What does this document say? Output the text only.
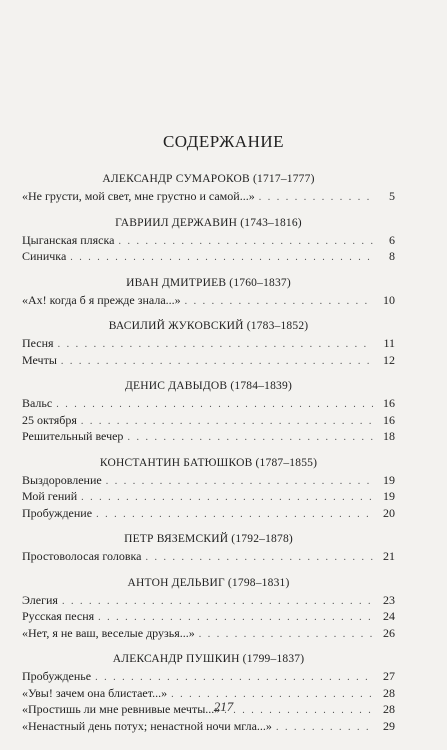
СОДЕРЖАНИЕ
АЛЕКСАНДР СУМАРОКОВ (1717–1777)
«Не грусти, мой свет, мне грустно и самой...» . . .	5
ГАВРИИЛ ДЕРЖАВИН (1743–1816)
Цыганская пляска . . .	6
Синичка . . .	8
ИВАН ДМИТРИЕВ (1760–1837)
«Ах! когда б я прежде знала...» . . .	10
ВАСИЛИЙ ЖУКОВСКИЙ (1783–1852)
Песня . . .	11
Мечты . . .	12
ДЕНИС ДАВЫДОВ (1784–1839)
Вальс . . .	16
25 октября . . .	16
Решительный вечер . . .	18
КОНСТАНТИН БАТЮШКОВ (1787–1855)
Выздоровление . . .	19
Мой гений . . .	19
Пробуждение . . .	20
ПЕТР ВЯЗЕМСКИЙ (1792–1878)
Простоволосая головка . . .	21
АНТОН ДЕЛЬВИГ (1798–1831)
Элегия . . .	23
Русская песня . . .	24
«Нет, я не ваш, веселые друзья...» . . .	26
АЛЕКСАНДР ПУШКИН (1799–1837)
Пробужденье . . .	27
«Увы! зачем она блистает...» . . .	28
«Простишь ли мне ревнивые мечты...» . . .	28
«Ненастный день потух; ненастной ночи мгла...» . . .	29
217
